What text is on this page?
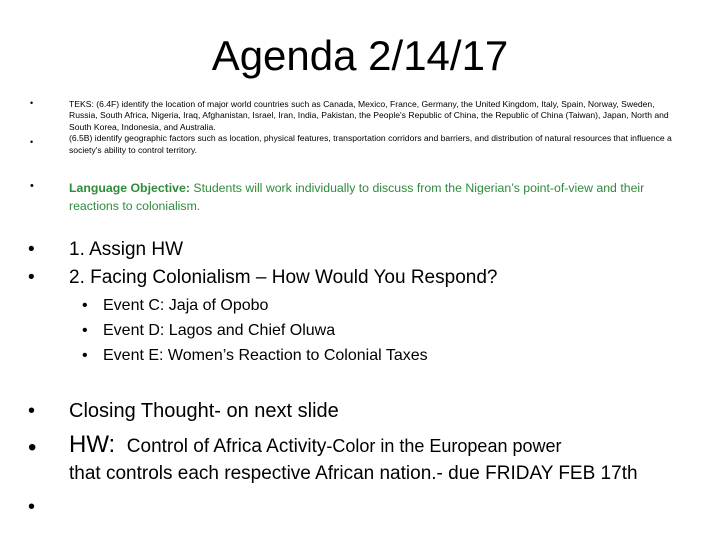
Agenda 2/14/17
•
•

TEKS: (6.4F) identify the location of major world countries such as Canada, Mexico, France, Germany, the United Kingdom, Italy, Spain, Norway, Sweden, Russia, South Africa, Nigeria, Iraq, Afghanistan, Israel, Iran, India, Pakistan, the People's Republic of China, the Republic of China (Taiwan), Japan, North and South Korea, Indonesia, and Australia.

(6.5B) identify geographic factors such as location, physical features, transportation corridors and barriers, and distribution of natural resources that influence a society's ability to control territory.

•	Language Objective: Students will work individually to discuss from the Nigerian’s point-of-view and their reactions to colonialism.
• 1. Assign HW
• 2. Facing Colonialism – How Would You Respond?
• Event C: Jaja of Opobo
• Event D: Lagos and Chief Oluwa
• Event E: Women’s Reaction to Colonial Taxes
• Closing Thought- on next slide
• HW: Control of Africa Activity-Color in the European power
that controls each respective African nation.- due FRIDAY FEB 17th
•
